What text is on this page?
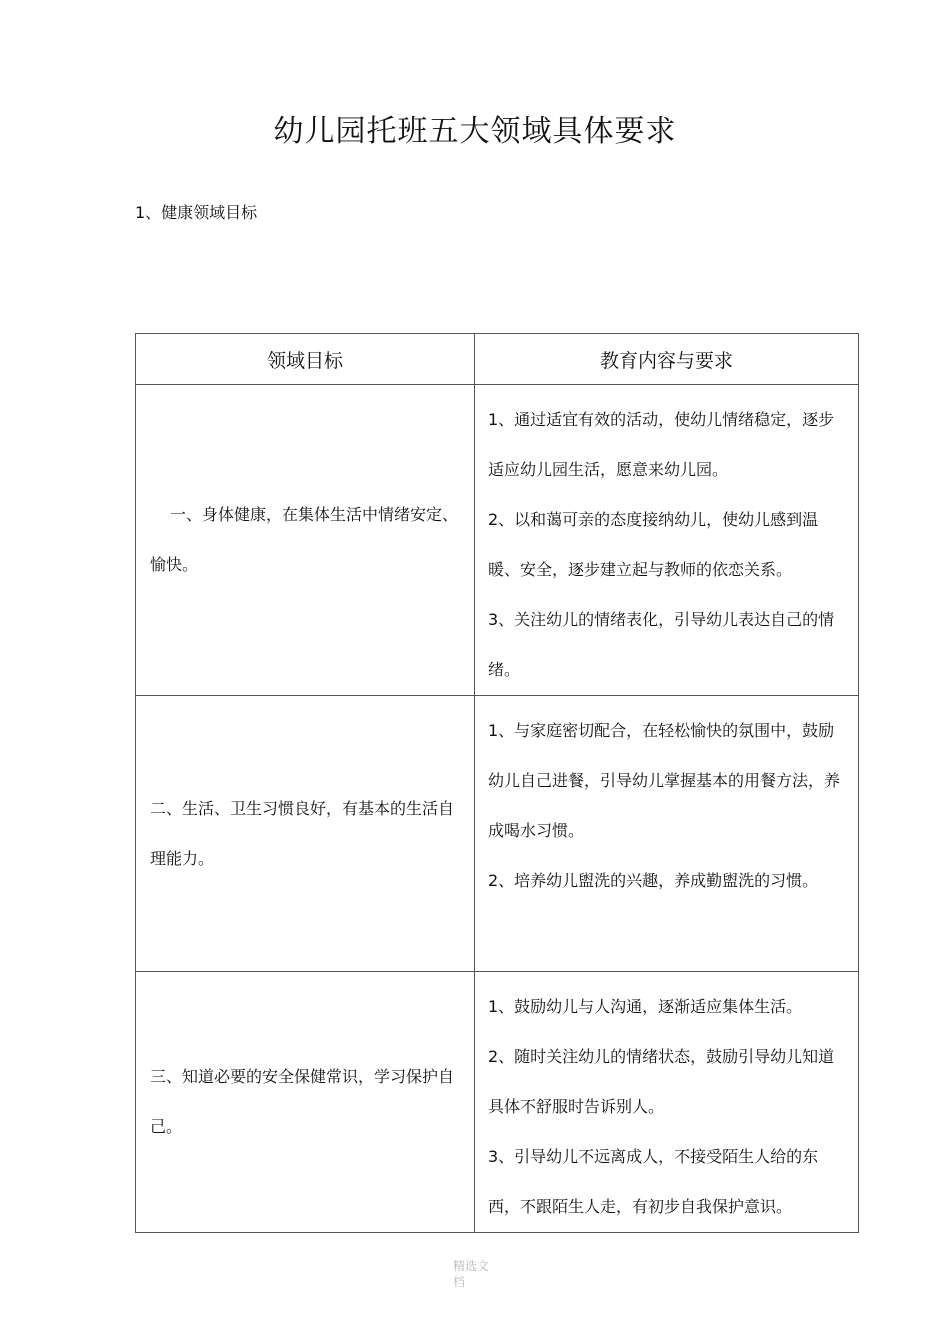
幼儿园托班五大领域具体要求
1、健康领域目标
领域目标	教育内容与要求
一、身体健康，在集体生活中情绪安定、愉快。	1、通过适宜有效的活动，使幼儿情绪稳定，逐步适应幼儿园生活，愿意来幼儿园。
2、以和蔼可亲的态度接纳幼儿，使幼儿感到温暖、安全，逐步建立起与教师的依恋关系。
3、关注幼儿的情绪表化，引导幼儿表达自己的情绪。

二、生活、卫生习惯良好，有基本的生活自理能力。	1、与家庭密切配合，在轻松愉快的氛围中，鼓励幼儿自己进餐，引导幼儿掌握基本的用餐方法，养成喝水习惯。
2、培养幼儿盥洗的兴趣，养成勤盥洗的习惯。

三、知道必要的安全保健常识，学习保护自己。	1、鼓励幼儿与人沟通，逐渐适应集体生活。
2、随时关注幼儿的情绪状态，鼓励引导幼儿知道具体不舒服时告诉别人。
3、引导幼儿不远离成人，不接受陌生人给的东西，不跟陌生人走，有初步自我保护意识。
精选文档
